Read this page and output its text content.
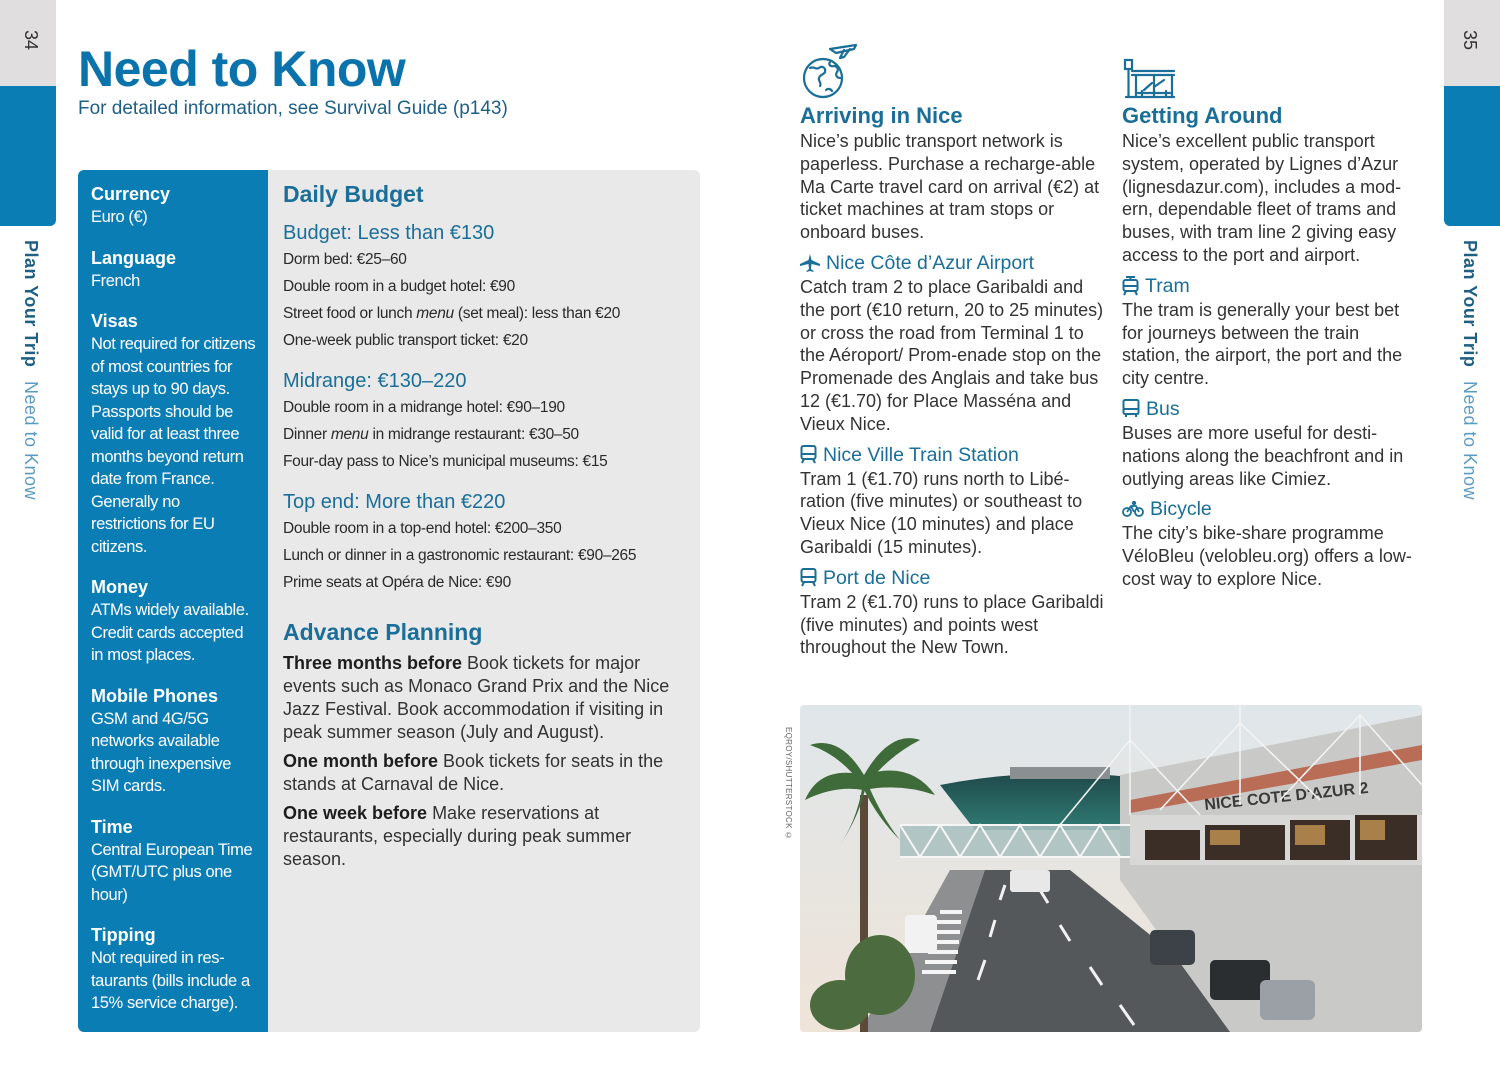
34
Plan Your Trip Need to Know
Need to Know
For detailed information, see Survival Guide (p143)
Currency
Euro (€)
Language
French
Visas
Not required for citizens of most countries for stays up to 90 days. Passports should be valid for at least three months beyond return date from France. Generally no restrictions for EU citizens.
Money
ATMs widely available. Credit cards accepted in most places.
Mobile Phones
GSM and 4G/5G networks available through inexpensive SIM cards.
Time
Central European Time (GMT/UTC plus one hour)
Tipping
Not required in res-taurants (bills include a 15% service charge).
Daily Budget
Budget: Less than €130
Dorm bed: €25–60
Double room in a budget hotel: €90
Street food or lunch menu (set meal): less than €20
One-week public transport ticket: €20
Midrange: €130–220
Double room in a midrange hotel: €90–190
Dinner menu in midrange restaurant: €30–50
Four-day pass to Nice’s municipal museums: €15
Top end: More than €220
Double room in a top-end hotel: €200–350
Lunch or dinner in a gastronomic restaurant: €90–265
Prime seats at Opéra de Nice: €90
Advance Planning

Three months before Book tickets for major events such as Monaco Grand Prix and the Nice Jazz Festival. Book accommodation if visiting in peak summer season (July and August).

One month before Book tickets for seats in the stands at Carnaval de Nice.

One week before Make reservations at restaurants, especially during peak summer season.

35
Plan Your Trip Need to Know
Arriving in Nice

Nice’s public transport network is paperless. Purchase a recharge-able Ma Carte travel card on arrival (€2) at ticket machines at tram stops or onboard buses.

Nice Côte d’Azur Airport

Catch tram 2 to place Garibaldi and the port (€10 return, 20 to 25 minutes) or cross the road from Terminal 1 to the Aéroport/ Prom-enade stop on the Promenade des Anglais and take bus 12 (€1.70) for Place Masséna and Vieux Nice.

Nice Ville Train Station

Tram 1 (€1.70) runs north to Libé-ration (five minutes) or southeast to Vieux Nice (10 minutes) and place Garibaldi (15 minutes).

Port de Nice

Tram 2 (€1.70) runs to place Garibaldi (five minutes) and points west throughout the New Town.

Getting Around

Nice’s excellent public transport system, operated by Lignes d’Azur (lignesdazur.com), includes a mod-ern, dependable fleet of trams and buses, with tram line 2 giving easy access to the port and airport.

Tram

The tram is generally your best bet for journeys between the train station, the airport, the port and the city centre.

Bus

Buses are more useful for desti-nations along the beachfront and in outlying areas like Cimiez.

Bicycle

The city’s bike-share programme VéloBleu (velobleu.org) offers a low-cost way to explore Nice.

EQROY/SHUTTERSTOCK ©	NICE COTE D'AZUR 2
